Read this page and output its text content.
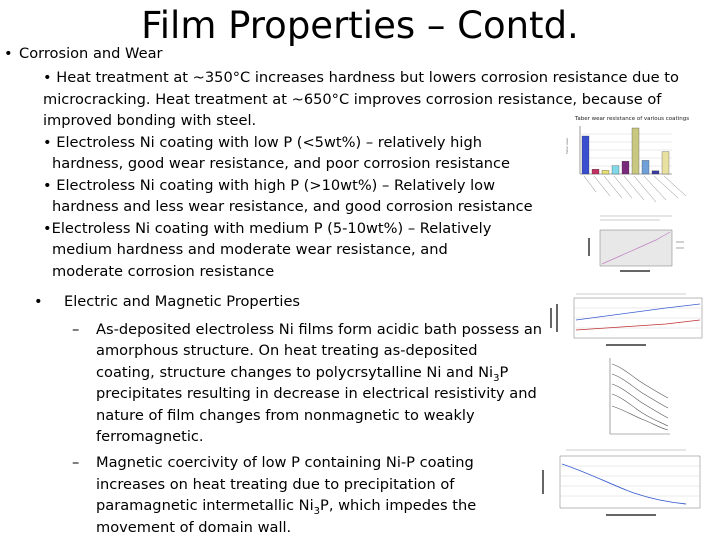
Film Properties – Contd.
• Corrosion and Wear
• Heat treatment at ~350°C increases hardness but lowers corrosion resistance due to
microcracking. Heat treatment at ~650°C improves corrosion resistance, because of
improved bonding with steel.
• Electroless Ni coating with low P (<5wt%) – relatively high
hardness, good wear resistance, and poor corrosion resistance
• Electroless Ni coating with high P (>10wt%) – Relatively low
hardness and less wear resistance, and good corrosion resistance
•Electroless Ni coating with medium P (5-10wt%) – Relatively
medium hardness and moderate wear resistance, and
moderate corrosion resistance
• Electric and Magnetic Properties
– As-deposited electroless Ni films form acidic bath possess an
amorphous structure. On heat treating as-deposited
coating, structure changes to polycrsytalline Ni and $Ni_3P$
precipitates resulting in decrease in electrical resistivity and
nature of film changes from nonmagnetic to weakly
ferromagnetic.
– Magnetic coercivity of low P containing Ni-P coating
increases on heat treating due to precipitation of
paramagnetic intermetallic $Ni_3P$, which impedes the
movement of domain wall.
Taber wear resistance of various coatings
Taber wear
